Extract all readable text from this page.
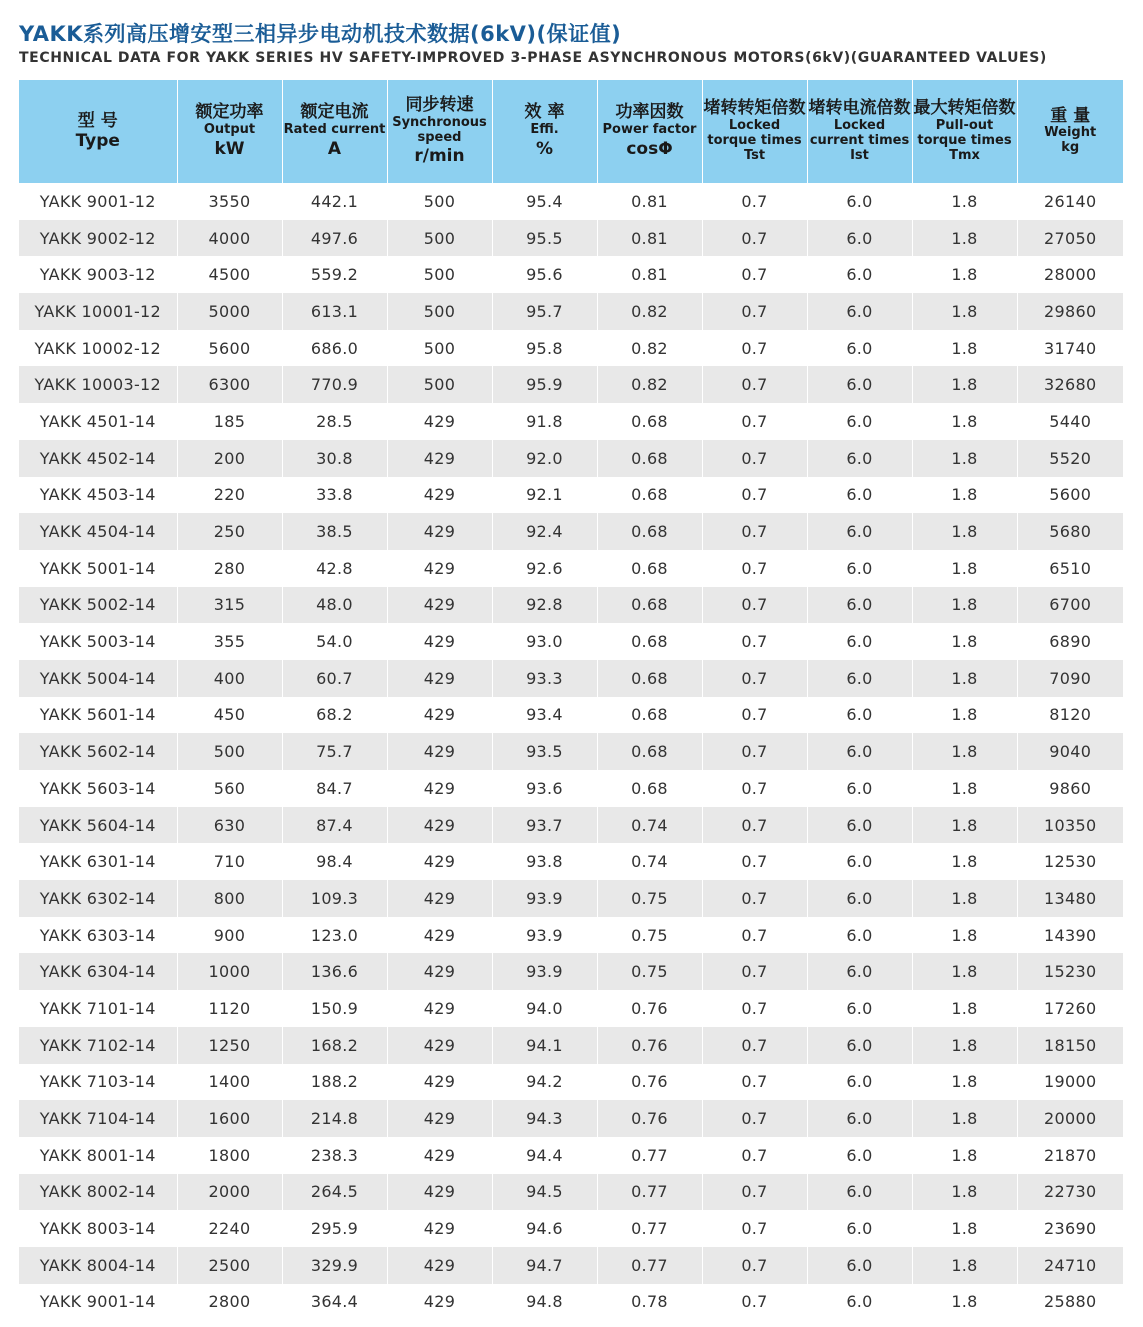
YAKK系列高压增安型三相异步电动机技术数据(6kV)(保证值)
TECHNICAL DATA FOR YAKK SERIES HV SAFETY-IMPROVED 3-PHASE ASYNCHRONOUS MOTORS(6kV)(GUARANTEED VALUES)
型 号
Type	额定功率
Output
kW	额定电流
Rated current
A	同步转速
Synchronous speed
r/min	效 率
Effi.
%	功率因数
Power factor
cosΦ	堵转转矩倍数
Locked torque times Tst	堵转电流倍数
Locked current times Ist	最大转矩倍数
Pull-out torque times Tmx	重 量
Weight
kg

YAKK 9001-12	3550	442.1	500	95.4	0.81	0.7	6.0	1.8	26140
YAKK 9002-12	4000	497.6	500	95.5	0.81	0.7	6.0	1.8	27050
YAKK 9003-12	4500	559.2	500	95.6	0.81	0.7	6.0	1.8	28000
YAKK 10001-12	5000	613.1	500	95.7	0.82	0.7	6.0	1.8	29860
YAKK 10002-12	5600	686.0	500	95.8	0.82	0.7	6.0	1.8	31740
YAKK 10003-12	6300	770.9	500	95.9	0.82	0.7	6.0	1.8	32680
YAKK 4501-14	185	28.5	429	91.8	0.68	0.7	6.0	1.8	5440
YAKK 4502-14	200	30.8	429	92.0	0.68	0.7	6.0	1.8	5520
YAKK 4503-14	220	33.8	429	92.1	0.68	0.7	6.0	1.8	5600
YAKK 4504-14	250	38.5	429	92.4	0.68	0.7	6.0	1.8	5680
YAKK 5001-14	280	42.8	429	92.6	0.68	0.7	6.0	1.8	6510
YAKK 5002-14	315	48.0	429	92.8	0.68	0.7	6.0	1.8	6700
YAKK 5003-14	355	54.0	429	93.0	0.68	0.7	6.0	1.8	6890
YAKK 5004-14	400	60.7	429	93.3	0.68	0.7	6.0	1.8	7090
YAKK 5601-14	450	68.2	429	93.4	0.68	0.7	6.0	1.8	8120
YAKK 5602-14	500	75.7	429	93.5	0.68	0.7	6.0	1.8	9040
YAKK 5603-14	560	84.7	429	93.6	0.68	0.7	6.0	1.8	9860
YAKK 5604-14	630	87.4	429	93.7	0.74	0.7	6.0	1.8	10350
YAKK 6301-14	710	98.4	429	93.8	0.74	0.7	6.0	1.8	12530
YAKK 6302-14	800	109.3	429	93.9	0.75	0.7	6.0	1.8	13480
YAKK 6303-14	900	123.0	429	93.9	0.75	0.7	6.0	1.8	14390
YAKK 6304-14	1000	136.6	429	93.9	0.75	0.7	6.0	1.8	15230
YAKK 7101-14	1120	150.9	429	94.0	0.76	0.7	6.0	1.8	17260
YAKK 7102-14	1250	168.2	429	94.1	0.76	0.7	6.0	1.8	18150
YAKK 7103-14	1400	188.2	429	94.2	0.76	0.7	6.0	1.8	19000
YAKK 7104-14	1600	214.8	429	94.3	0.76	0.7	6.0	1.8	20000
YAKK 8001-14	1800	238.3	429	94.4	0.77	0.7	6.0	1.8	21870
YAKK 8002-14	2000	264.5	429	94.5	0.77	0.7	6.0	1.8	22730
YAKK 8003-14	2240	295.9	429	94.6	0.77	0.7	6.0	1.8	23690
YAKK 8004-14	2500	329.9	429	94.7	0.77	0.7	6.0	1.8	24710
YAKK 9001-14	2800	364.4	429	94.8	0.78	0.7	6.0	1.8	25880
